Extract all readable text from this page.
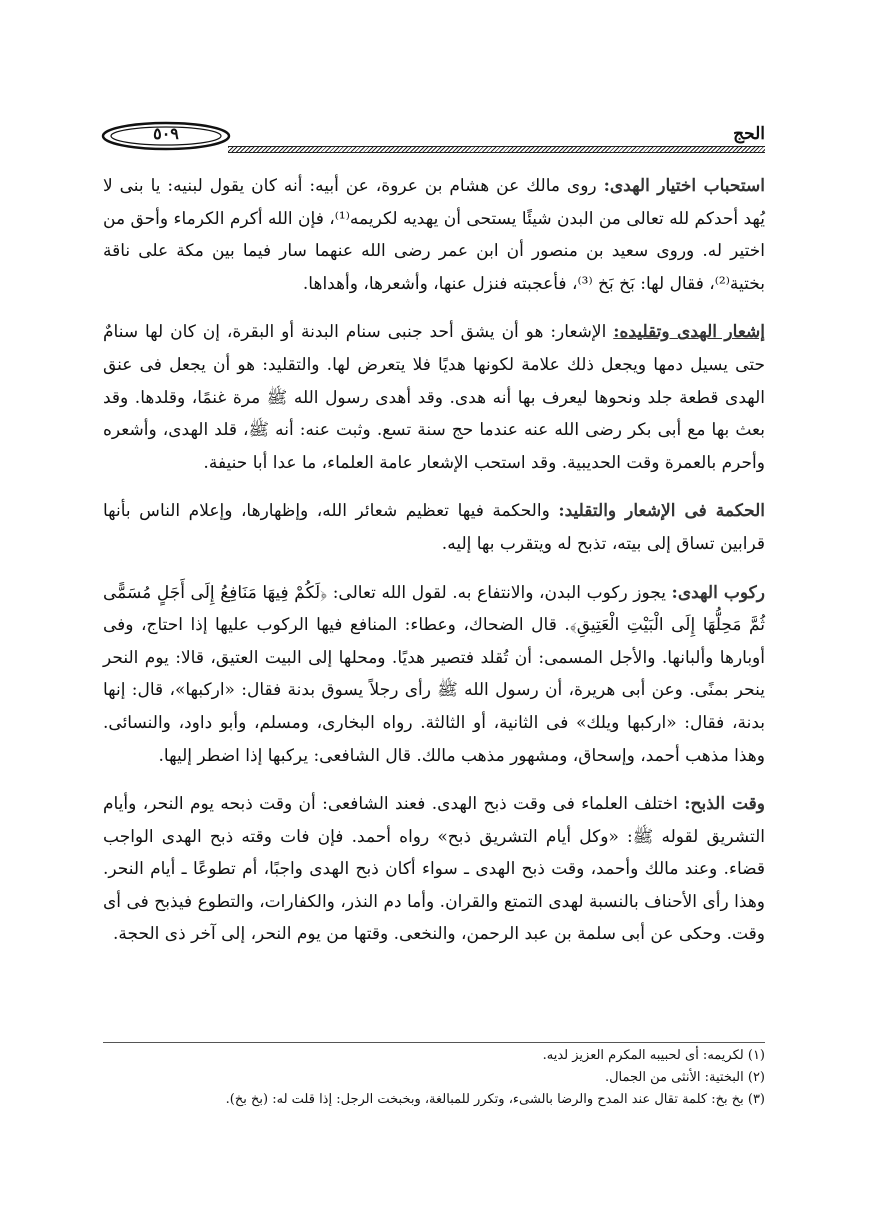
الحج
٥٠٩

استحباب اختيار الهدى: روى مالك عن هشام بن عروة، عن أبيه: أنه كان يقول لبنيه: يا بنى لا يُهد أحدكم لله تعالى من البدن شيئًا يستحى أن يهديه لكريمه⁽¹⁾، فإن الله أكرم الكرماء وأحق من اختير له. وروى سعيد بن منصور أن ابن عمر رضى الله عنهما سار فيما بين مكة على ناقة بختية⁽²⁾، فقال لها: بَخ بَخ ⁽³⁾، فأعجبته فنزل عنها، وأشعرها، وأهداها.

إشعار الهدى وتقليده: الإشعار: هو أن يشق أحد جنبى سنام البدنة أو البقرة، إن كان لها سنامٌ حتى يسيل دمها ويجعل ذلك علامة لكونها هديًا فلا يتعرض لها. والتقليد: هو أن يجعل فى عنق الهدى قطعة جلد ونحوها ليعرف بها أنه هدى. وقد أهدى رسول الله ﷺ مرة غنمًا، وقلدها. وقد بعث بها مع أبى بكر رضى الله عنه عندما حج سنة تسع. وثبت عنه: أنه ﷺ، قلد الهدى، وأشعره وأحرم بالعمرة وقت الحديبية. وقد استحب الإشعار عامة العلماء، ما عدا أبا حنيفة.

الحكمة فى الإشعار والتقليد: والحكمة فيها تعظيم شعائر الله، وإظهارها، وإعلام الناس بأنها قرابين تساق إلى بيته، تذبح له ويتقرب بها إليه.

ركوب الهدى: يجوز ركوب البدن، والانتفاع به. لقول الله تعالى: ﴿لَكُمْ فِيهَا مَنَافِعُ إِلَى أَجَلٍ مُسَمًّى ثُمَّ مَحِلُّهَا إِلَى الْبَيْتِ الْعَتِيقِ﴾. قال الضحاك، وعطاء: المنافع فيها الركوب عليها إذا احتاج، وفى أوبارها وألبانها. والأجل المسمى: أن تُقلد فتصير هديًا. ومحلها إلى البيت العتيق، قالا: يوم النحر ينحر بمنًى. وعن أبى هريرة، أن رسول الله ﷺ رأى رجلاً يسوق بدنة فقال: «اركبها»، قال: إنها بدنة، فقال: «اركبها ويلك» فى الثانية، أو الثالثة. رواه البخارى، ومسلم، وأبو داود، والنسائى. وهذا مذهب أحمد، وإسحاق، ومشهور مذهب مالك. قال الشافعى: يركبها إذا اضطر إليها.

وقت الذبح: اختلف العلماء فى وقت ذبح الهدى. فعند الشافعى: أن وقت ذبحه يوم النحر، وأيام التشريق لقوله ﷺ: «وكل أيام التشريق ذبح» رواه أحمد. فإن فات وقته ذبح الهدى الواجب قضاء. وعند مالك وأحمد، وقت ذبح الهدى ـ سواء أكان ذبح الهدى واجبًا، أم تطوعًا ـ أيام النحر. وهذا رأى الأحناف بالنسبة لهدى التمتع والقران. وأما دم النذر، والكفارات، والتطوع فيذبح فى أى وقت. وحكى عن أبى سلمة بن عبد الرحمن، والنخعى. وقتها من يوم النحر، إلى آخر ذى الحجة.

(١) لكريمه: أى لحبيبه المكرم العزيز لديه.
(٢) البختية: الأنثى من الجمال.
(٣) بخ بخ: كلمة تقال عند المدح والرضا بالشىء، وتكرر للمبالغة، وبخبخت الرجل: إذا قلت له: (بخ بخ).
